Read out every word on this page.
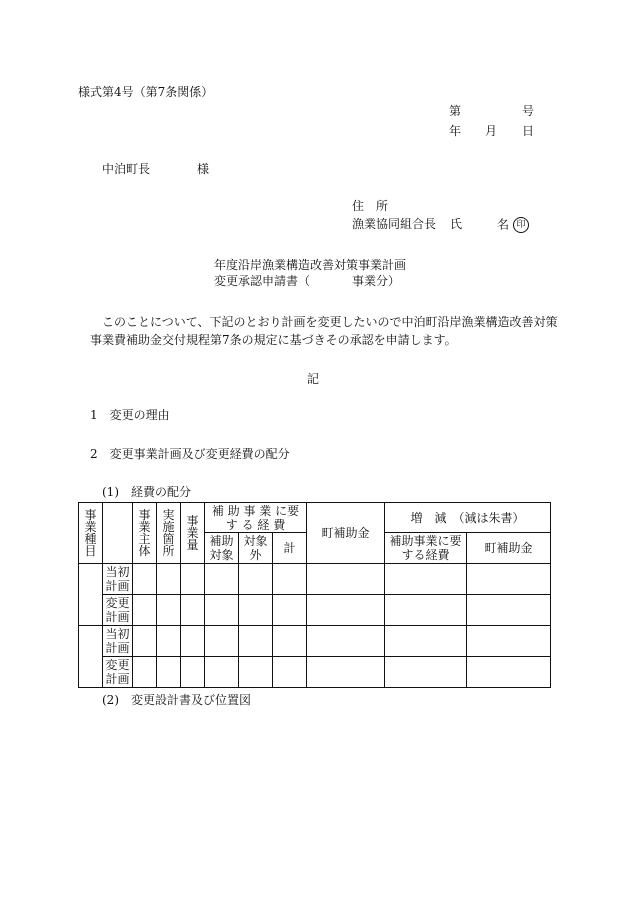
様式第4号（第7条関係）
第	号
年 月 日
中泊町長	様
住　所
漁業協同組合長 氏	名 印
年度沿岸漁業構造改善対策事業計画
変更承認申請書（	事業分）
このことについて、下記のとおり計画を変更したいので中泊町沿岸漁業構造改善対策
事業費補助金交付規程第7条の規定に基づきその承認を申請します。
記
1　変更の理由
2　変更事業計画及び変更経費の配分
(1)　経費の配分
事業種目		事業主体	実施箇所	事業量	補 助 事 業 に要 す る 経 費			町補助金	増　減　（減は朱書）	
					補助対象	対象外	計		補助事業に要する経費	町補助金
	当初計画									
	変更計画									
	当初計画									
	変更計画									
(2)　変更設計書及び位置図
